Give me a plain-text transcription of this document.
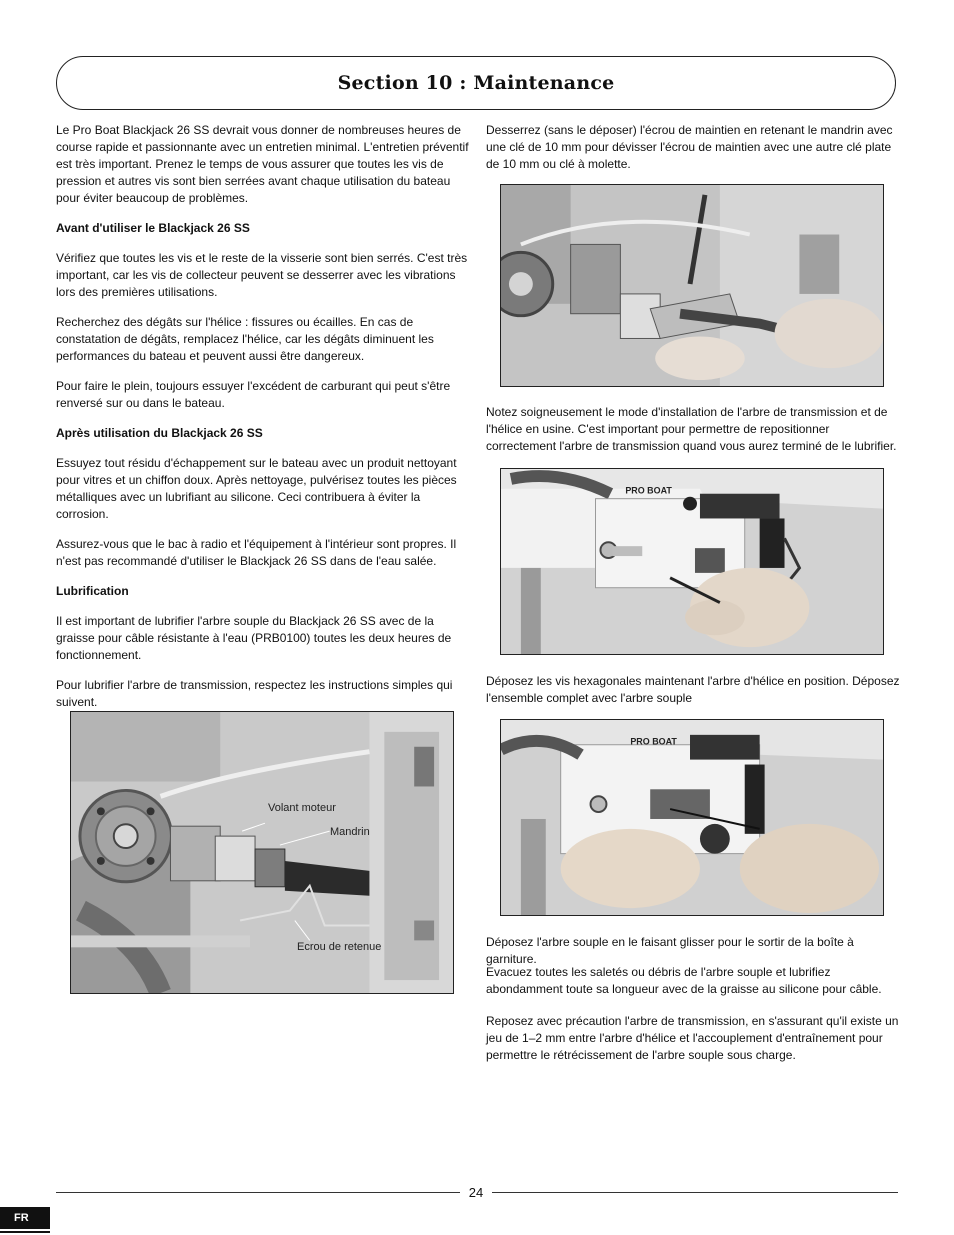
Section 10 : Maintenance

Le Pro Boat Blackjack 26 SS devrait vous donner de nombreuses heures de course rapide et passionnante avec un entretien minimal. L'entretien préventif est très important. Prenez le temps de vous assurer que toutes les vis de pression et autres vis sont bien serrées avant chaque utilisation du bateau pour éviter beaucoup de problèmes.

Avant d'utiliser le Blackjack 26 SS

Vérifiez que toutes les vis et le reste de la visserie sont bien serrés. C'est très important, car les vis de collecteur peuvent se desserrer avec les vibrations lors des premières utilisations.

Recherchez des dégâts sur l'hélice : fissures ou écailles. En cas de constatation de dégâts, remplacez l'hélice, car les dégâts diminuent les performances du bateau et peuvent aussi être dangereux.

Pour faire le plein, toujours essuyer l'excédent de carburant qui peut s'être renversé sur ou dans le bateau.

Après utilisation du Blackjack 26 SS

Essuyez tout résidu d'échappement sur le bateau avec un produit nettoyant pour vitres et un chiffon doux. Après nettoyage, pulvérisez toutes les pièces métalliques avec un lubrifiant au silicone. Ceci contribuera à éviter la corrosion.

Assurez-vous que le bac à radio et l'équipement à l'intérieur sont propres. Il n'est pas recommandé d'utiliser le Blackjack 26 SS dans de l'eau salée.

Lubrification

Il est important de lubrifier l'arbre souple du Blackjack 26 SS avec de la graisse pour câble résistante à l'eau (PRB0100) toutes les deux heures de fonctionnement.

Pour lubrifier l'arbre de transmission, respectez les instructions simples qui suivent.

Volant moteur
Mandrin
Ecrou de retenue
Desserrez (sans le déposer) l'écrou de maintien en retenant le mandrin avec une clé de 10 mm pour dévisser l'écrou de maintien avec une autre clé plate de 10 mm ou clé à molette.
Notez soigneusement le mode d'installation de l'arbre de transmission et de l'hélice en usine. C'est important pour permettre de repositionner correctement l'arbre de transmission quand vous aurez terminé de le lubrifier.
PRO BOAT
Déposez les vis hexagonales maintenant l'arbre d'hélice en position. Déposez l'ensemble complet avec l'arbre souple
PRO BOAT
Déposez l'arbre souple en le faisant glisser pour le sortir de la boîte à garniture.
Evacuez toutes les saletés ou débris de l'arbre souple et lubrifiez abondamment toute sa longueur avec de la graisse au silicone pour câble.
Reposez avec précaution l'arbre de transmission, en s'assurant qu'il existe un jeu de 1–2 mm entre l'arbre d'hélice et l'accouplement d'entraînement pour permettre le rétrécissement de l'arbre souple sous charge.
24
FR
